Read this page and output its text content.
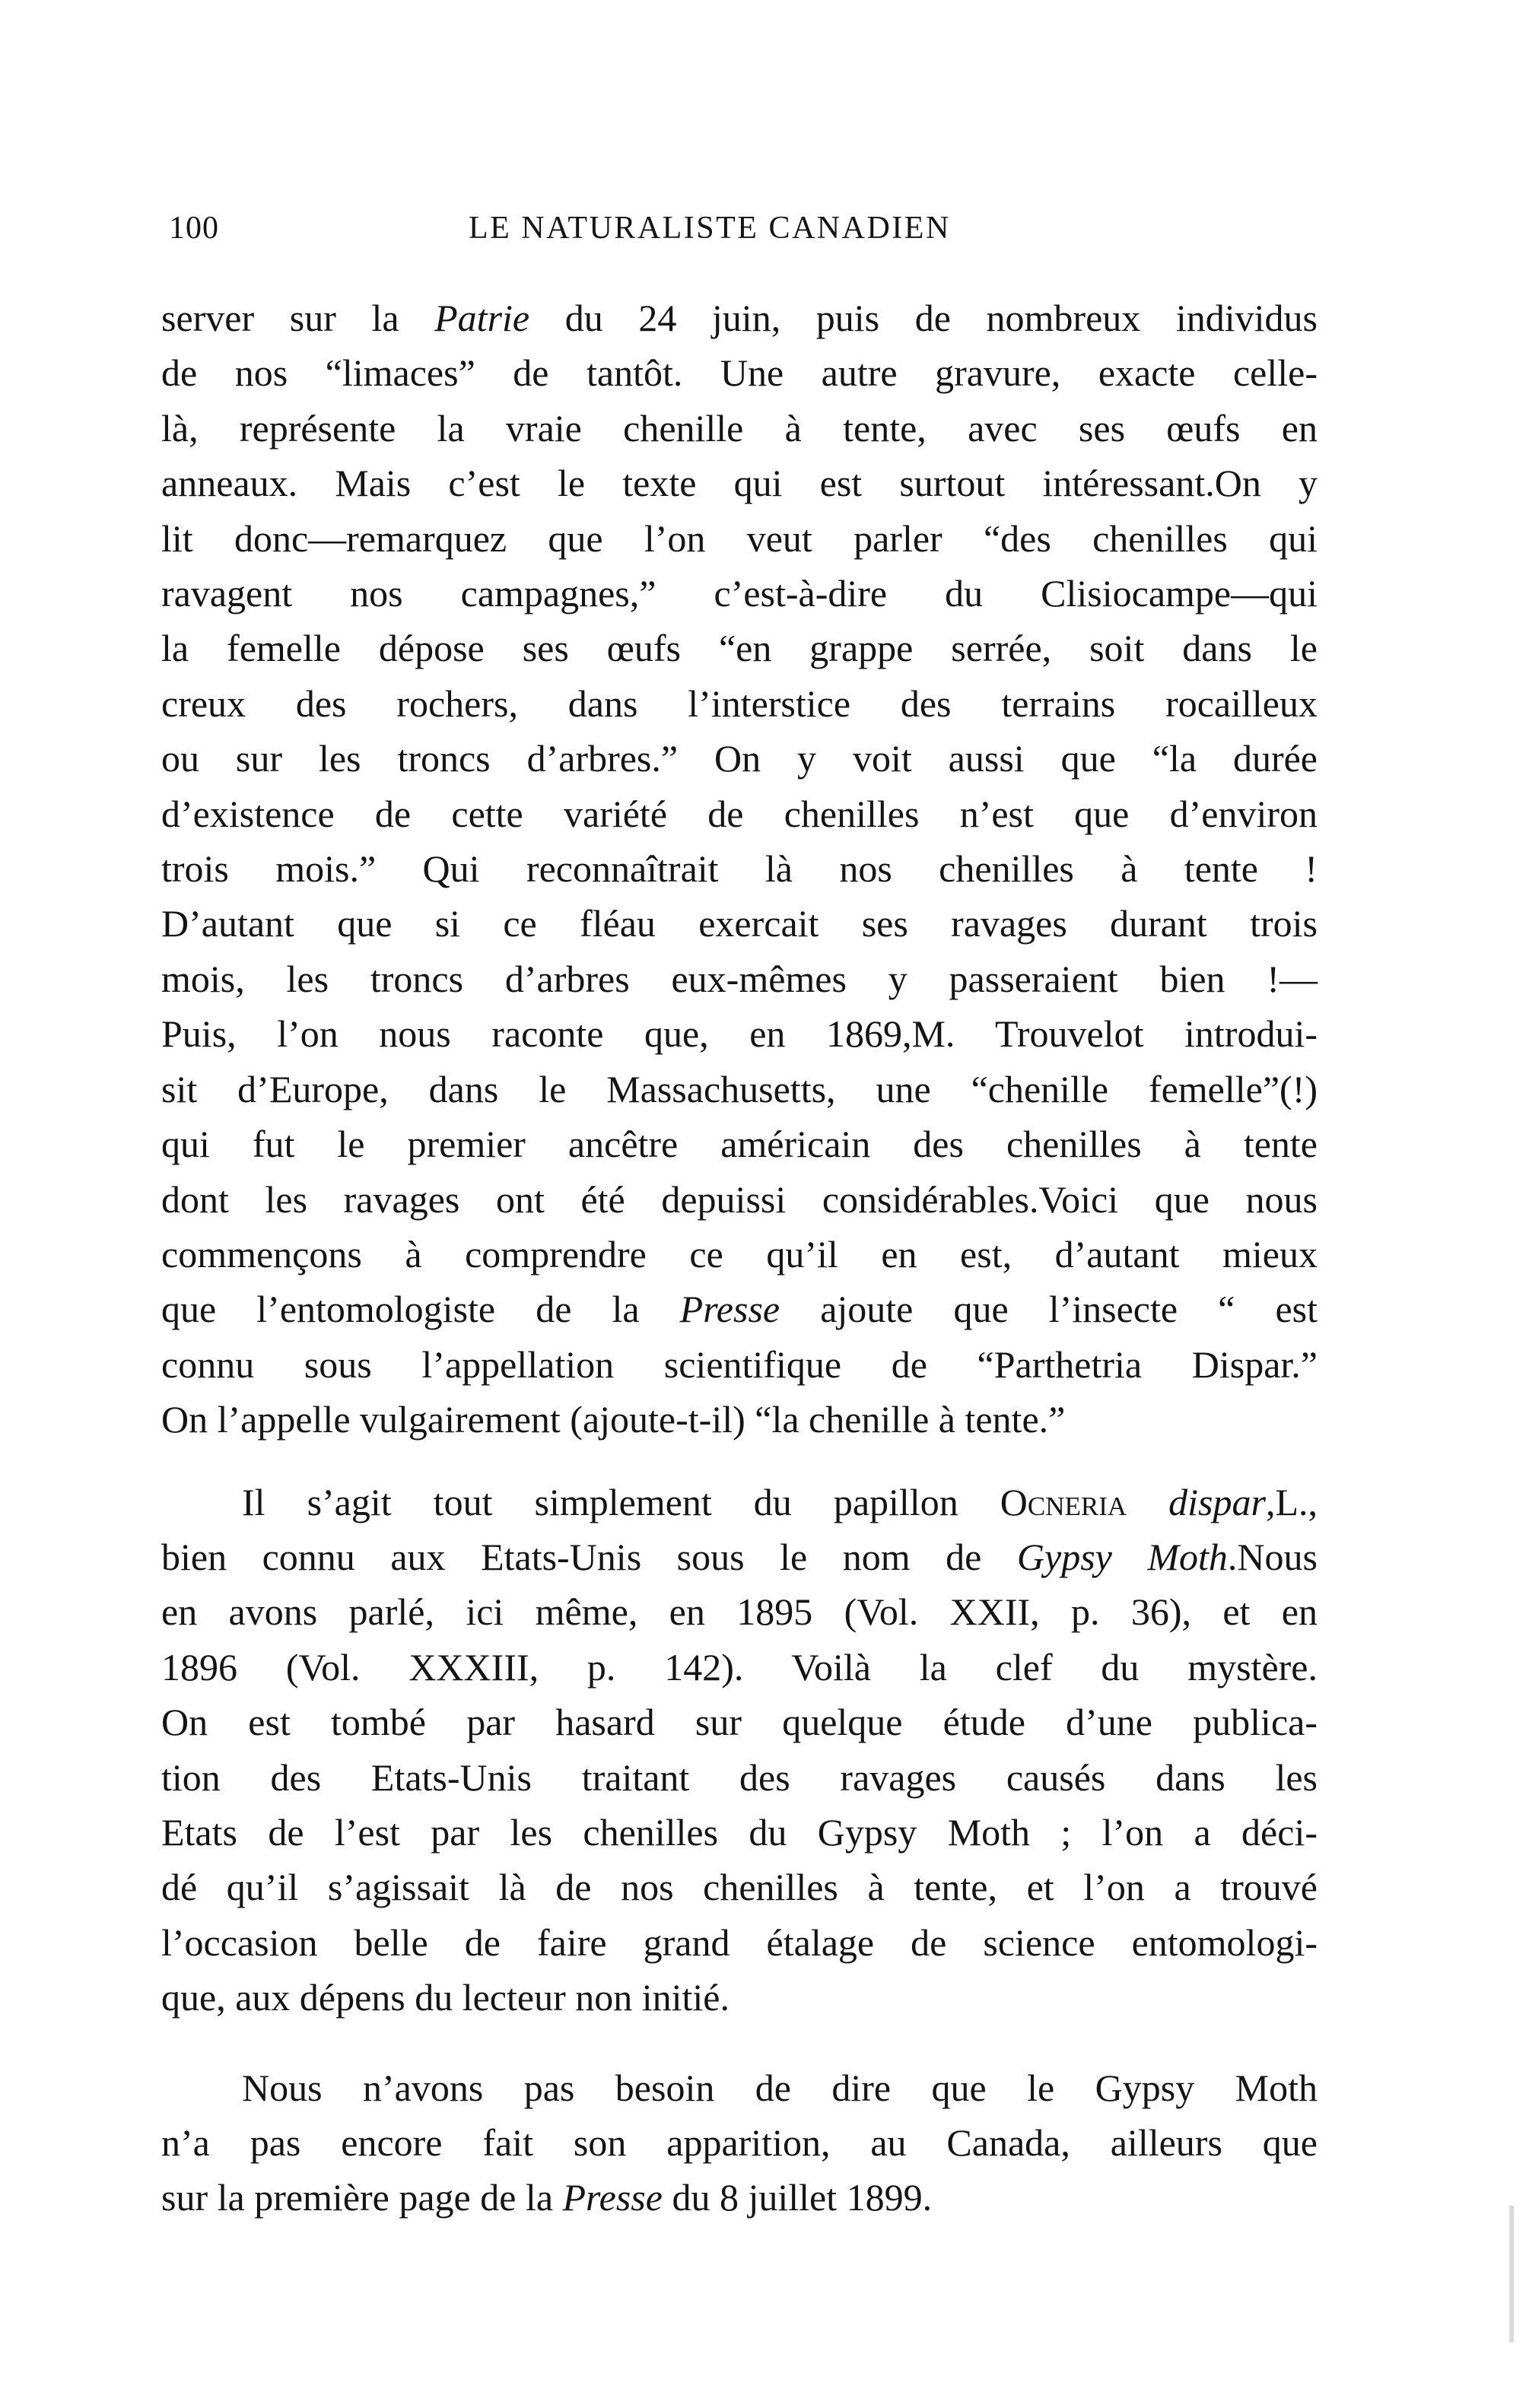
100	LE NATURALISTE CANADIEN

server sur la Patrie du 24 juin, puis de nombreux individus
de nos “limaces” de tantôt. Une autre gravure, exacte celle-
là, représente la vraie chenille à tente, avec ses œufs en
anneaux. Mais c’est le texte qui est surtout intéressant.On y
lit donc—remarquez que l’on veut parler “des chenilles qui
ravagent nos campagnes,” c’est-à-dire du Clisiocampe—qui
la femelle dépose ses œufs “en grappe serrée, soit dans le
creux des rochers, dans l’interstice des terrains rocailleux
ou sur les troncs d’arbres.” On y voit aussi que “la durée
d’existence de cette variété de chenilles n’est que d’environ
trois mois.” Qui reconnaîtrait là nos chenilles à tente !
D’autant que si ce fléau exercait ses ravages durant trois
mois, les troncs d’arbres eux-mêmes y passeraient bien !—
Puis, l’on nous raconte que, en 1869,M. Trouvelot introdui-
sit d’Europe, dans le Massachusetts, une “chenille femelle”(!)
qui fut le premier ancêtre américain des chenilles à tente
dont les ravages ont été depuissi considérables.Voici que nous
commençons à comprendre ce qu’il en est, d’autant mieux
que l’entomologiste de la Presse ajoute que l’insecte “ est
connu sous l’appellation scientifique de “Parthetria Dispar.”
On l’appelle vulgairement (ajoute-t-il) “la chenille à tente.”

Il s’agit tout simplement du papillon Ocneria dispar,L.,
bien connu aux Etats-Unis sous le nom de Gypsy Moth.Nous
en avons parlé, ici même, en 1895 (Vol. XXII, p. 36), et en
1896 (Vol. XXXIII, p. 142). Voilà la clef du mystère.
On est tombé par hasard sur quelque étude d’une publica-
tion des Etats-Unis traitant des ravages causés dans les
Etats de l’est par les chenilles du Gypsy Moth ; l’on a déci-
dé qu’il s’agissait là de nos chenilles à tente, et l’on a trouvé
l’occasion belle de faire grand étalage de science entomologi-
que, aux dépens du lecteur non initié.

Nous n’avons pas besoin de dire que le Gypsy Moth
n’a pas encore fait son apparition, au Canada, ailleurs que
sur la première page de la Presse du 8 juillet 1899.
